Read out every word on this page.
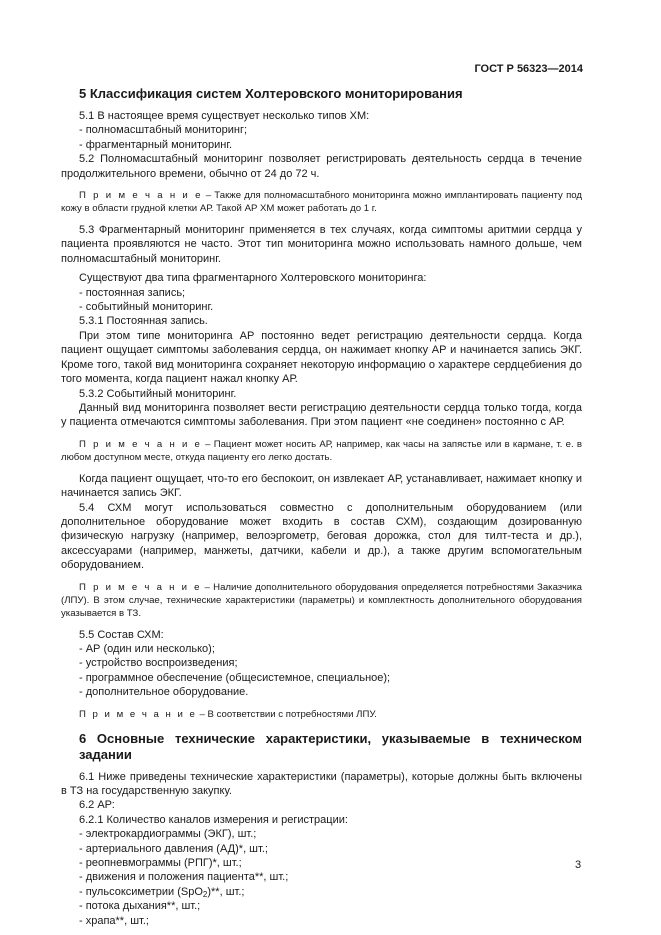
ГОСТ Р 56323—2014
5 Классификация систем Холтеровского мониторирования

5.1 В настоящее время существует несколько типов ХМ:

- полномасштабный мониторинг;

- фрагментарный мониторинг.

5.2 Полномасштабный мониторинг позволяет регистрировать деятельность сердца в течение продолжительного времени, обычно от 24 до 72 ч.

П р и м е ч а н и е – Также для полномасштабного мониторинга можно имплантировать пациенту под кожу в области грудной клетки АР. Такой АР ХМ может работать до 1 г.

5.3 Фрагментарный мониторинг применяется в тех случаях, когда симптомы аритмии сердца у пациента проявляются не часто. Этот тип мониторинга можно использовать намного дольше, чем полномасштабный мониторинг.

Существуют два типа фрагментарного Холтеровского мониторинга:

- постоянная запись;

- событийный мониторинг.

5.3.1 Постоянная запись.

При этом типе мониторинга АР постоянно ведет регистрацию деятельности сердца. Когда пациент ощущает симптомы заболевания сердца, он нажимает кнопку АР и начинается запись ЭКГ. Кроме того, такой вид мониторинга сохраняет некоторую информацию о характере сердцебиения до того момента, когда пациент нажал кнопку АР.

5.3.2 Событийный мониторинг.

Данный вид мониторинга позволяет вести регистрацию деятельности сердца только тогда, когда у пациента отмечаются симптомы заболевания. При этом пациент «не соединен» постоянно с АР.

П р и м е ч а н и е – Пациент может носить АР, например, как часы на запястье или в кармане, т. е. в любом доступном месте, откуда пациенту его легко достать.

Когда пациент ощущает, что-то его беспокоит, он извлекает АР, устанавливает, нажимает кнопку и начинается запись ЭКГ.

5.4 СХМ могут использоваться совместно с дополнительным оборудованием (или дополнительное оборудование может входить в состав СХМ), создающим дозированную физическую нагрузку (например, велоэргометр, беговая дорожка, стол для тилт-теста и др.), аксессуарами (например, манжеты, датчики, кабели и др.), а также другим вспомогательным оборудованием.

П р и м е ч а н и е – Наличие дополнительного оборудования определяется потребностями Заказчика (ЛПУ). В этом случае, технические характеристики (параметры) и комплектность дополнительного оборудования указывается в ТЗ.

5.5 Состав СХМ:

- АР (один или несколько);

- устройство воспроизведения;

- программное обеспечение (общесистемное, специальное);

- дополнительное оборудование.

П р и м е ч а н и е – В соответствии с потребностями ЛПУ.

6 Основные технические характеристики, указываемые в техническом задании

6.1 Ниже приведены технические характеристики (параметры), которые должны быть включены в ТЗ на государственную закупку.

6.2 АР:

6.2.1 Количество каналов измерения и регистрации:

- электрокардиограммы (ЭКГ), шт.;

- артериального давления (АД)*, шт.;

- реопневмограммы (РПГ)*, шт.;

- движения и положения пациента**, шт.;

- пульсоксиметрии (SpO$_2$)**, шт.;

- потока дыхания**, шт.;

- храпа**, шт.;

3
